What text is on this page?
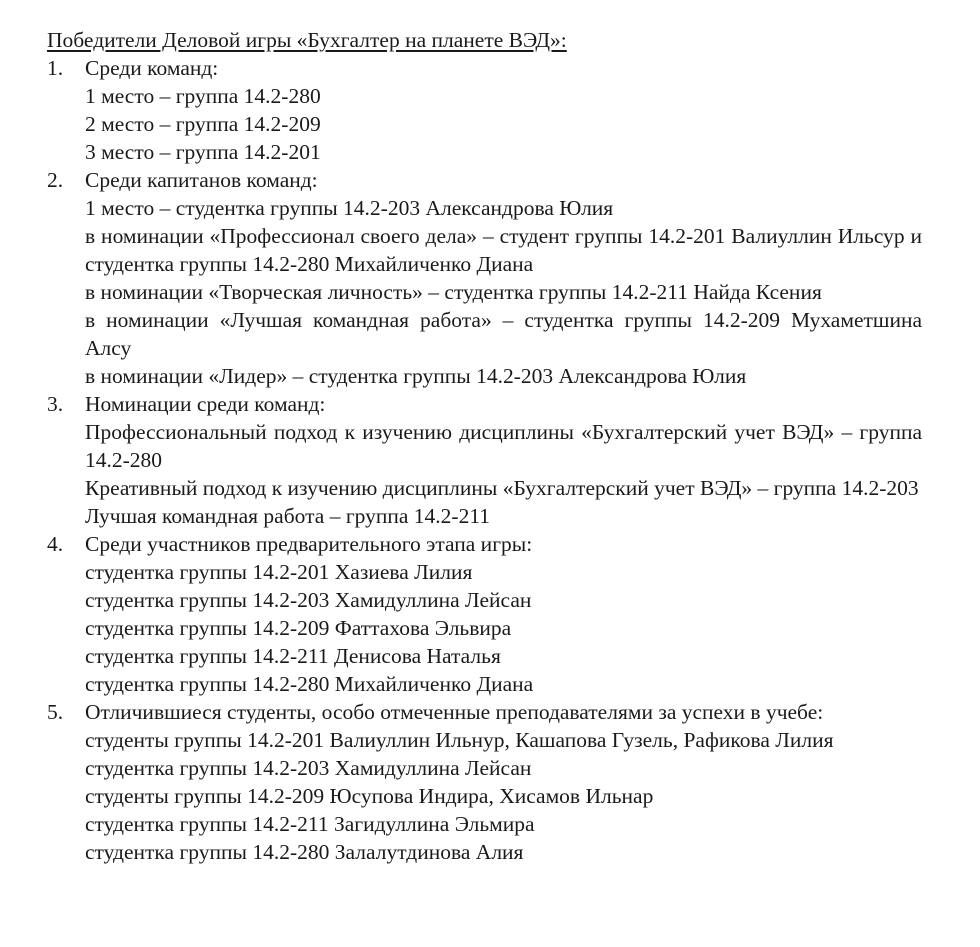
Победители Деловой игры «Бухгалтер на планете ВЭД»:
1. Среди команд:
1 место – группа 14.2-280
2 место – группа 14.2-209
3 место – группа 14.2-201
2. Среди капитанов команд:
1 место – студентка группы 14.2-203 Александрова Юлия
в номинации «Профессионал своего дела» – студент группы 14.2-201 Валиуллин Ильсур и студентка группы 14.2-280 Михайличенко Диана
в номинации «Творческая личность» – студентка группы 14.2-211 Найда Ксения
в номинации «Лучшая командная работа» – студентка группы 14.2-209 Мухаметшина Алсу
в номинации «Лидер» – студентка группы 14.2-203 Александрова Юлия
3. Номинации среди команд:
Профессиональный подход к изучению дисциплины «Бухгалтерский учет ВЭД» – группа 14.2-280
Креативный подход к изучению дисциплины «Бухгалтерский учет ВЭД» – группа 14.2-203
Лучшая командная работа – группа 14.2-211
4. Среди участников предварительного этапа игры:
студентка группы 14.2-201 Хазиева Лилия
студентка группы 14.2-203 Хамидуллина Лейсан
студентка группы 14.2-209 Фаттахова Эльвира
студентка группы 14.2-211 Денисова Наталья
студентка группы 14.2-280 Михайличенко Диана
5. Отличившиеся студенты, особо отмеченные преподавателями за успехи в учебе:
студенты группы 14.2-201 Валиуллин Ильнур, Кашапова Гузель, Рафикова Лилия
студентка группы 14.2-203 Хамидуллина Лейсан
студенты группы 14.2-209 Юсупова Индира, Хисамов Ильнар
студентка группы 14.2-211 Загидуллина Эльмира
студентка группы 14.2-280 Залалутдинова Алия
